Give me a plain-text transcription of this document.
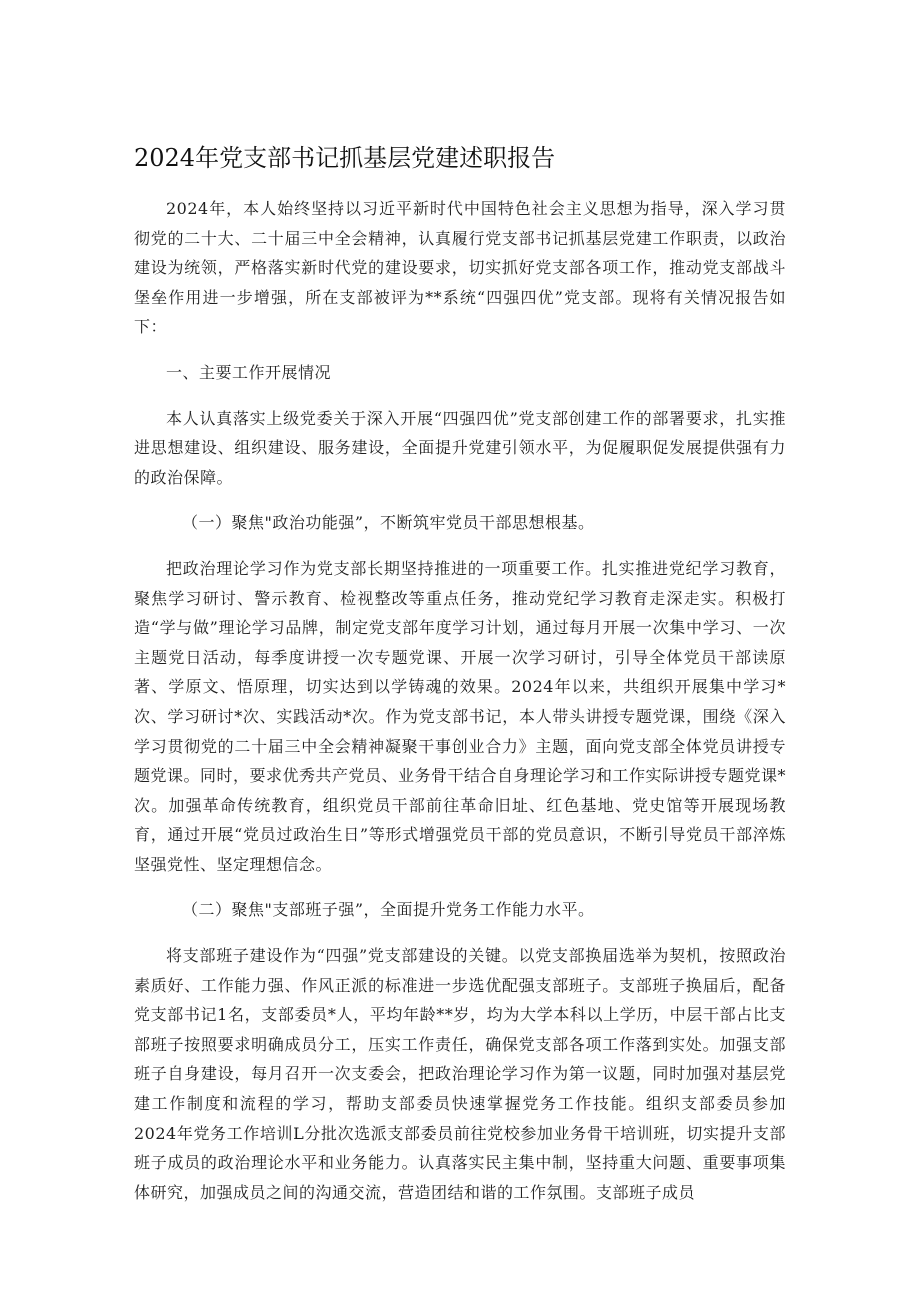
2024年党支部书记抓基层党建述职报告

2024年，本人始终坚持以习近平新时代中国特色社会主义思想为指导，深入学习贯彻党的二十大、二十届三中全会精神，认真履行党支部书记抓基层党建工作职责，以政治建设为统领，严格落实新时代党的建设要求，切实抓好党支部各项工作，推动党支部战斗堡垒作用进一步增强，所在支部被评为**系统“四强四优”党支部。现将有关情况报告如下：

一、主要工作开展情况

本人认真落实上级党委关于深入开展“四强四优”党支部创建工作的部署要求，扎实推进思想建设、组织建设、服务建设，全面提升党建引领水平，为促履职促发展提供强有力的政治保障。

（一）聚焦"政治功能强”，不断筑牢党员干部思想根基。

把政治理论学习作为党支部长期坚持推进的一项重要工作。扎实推进党纪学习教育，聚焦学习研讨、警示教育、检视整改等重点任务，推动党纪学习教育走深走实。积极打造“学与做”理论学习品牌，制定党支部年度学习计划，通过每月开展一次集中学习、一次主题党日活动，每季度讲授一次专题党课、开展一次学习研讨，引导全体党员干部读原著、学原文、悟原理，切实达到以学铸魂的效果。2024年以来，共组织开展集中学习*次、学习研讨*次、实践活动*次。作为党支部书记，本人带头讲授专题党课，围绕《深入学习贯彻党的二十届三中全会精神凝聚干事创业合力》主题，面向党支部全体党员讲授专题党课。同时，要求优秀共产党员、业务骨干结合自身理论学习和工作实际讲授专题党课*次。加强革命传统教育，组织党员干部前往革命旧址、红色基地、党史馆等开展现场教育，通过开展“党员过政治生日”等形式增强党员干部的党员意识，不断引导党员干部淬炼坚强党性、坚定理想信念。

（二）聚焦"支部班子强”，全面提升党务工作能力水平。

将支部班子建设作为“四强”党支部建设的关键。以党支部换届选举为契机，按照政治素质好、工作能力强、作风正派的标准进一步选优配强支部班子。支部班子换届后，配备党支部书记1名，支部委员*人，平均年龄**岁，均为大学本科以上学历，中层干部占比支部班子按照要求明确成员分工，压实工作责任，确保党支部各项工作落到实处。加强支部班子自身建设，每月召开一次支委会，把政治理论学习作为第一议题，同时加强对基层党建工作制度和流程的学习，帮助支部委员快速掌握党务工作技能。组织支部委员参加2024年党务工作培训L分批次选派支部委员前往党校参加业务骨干培训班，切实提升支部班子成员的政治理论水平和业务能力。认真落实民主集中制，坚持重大问题、重要事项集体研究，加强成员之间的沟通交流，营造团结和谐的工作氛围。支部班子成员
